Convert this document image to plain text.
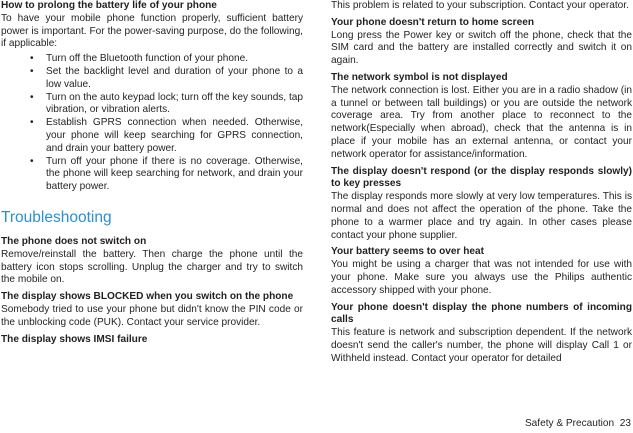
How to prolong the battery life of your phone

To have your mobile phone function properly, sufficient battery power is important. For the power-saving purpose, do the following, if applicable:

• Turn off the Bluetooth function of your phone.
• Set the backlight level and duration of your phone to a low value.
• Turn on the auto keypad lock; turn off the key sounds, tap vibration, or vibration alerts.
• Establish GPRS connection when needed. Otherwise, your phone will keep searching for GPRS connection, and drain your battery power.
• Turn off your phone if there is no coverage. Otherwise, the phone will keep searching for network, and drain your battery power.
Troubleshooting

The phone does not switch on

Remove/reinstall the battery. Then charge the phone until the battery icon stops scrolling. Unplug the charger and try to switch the mobile on.

The display shows BLOCKED when you switch on the phone

Somebody tried to use your phone but didn't know the PIN code or the unblocking code (PUK). Contact your service provider.

The display shows IMSI failure

This problem is related to your subscription. Contact your operator.

Your phone doesn't return to home screen

Long press the Power key or switch off the phone, check that the SIM card and the battery are installed correctly and switch it on again.

The network symbol is not displayed

The network connection is lost. Either you are in a radio shadow (in a tunnel or between tall buildings) or you are outside the network coverage area. Try from another place to reconnect to the network(Especially when abroad), check that the antenna is in place if your mobile has an external antenna, or contact your network operator for assistance/information.

The display doesn't respond (or the display responds slowly) to key presses

The display responds more slowly at very low temperatures. This is normal and does not affect the operation of the phone. Take the phone to a warmer place and try again. In other cases please contact your phone supplier.

Your battery seems to over heat

You might be using a charger that was not intended for use with your phone. Make sure you always use the Philips authentic accessory shipped with your phone.

Your phone doesn't display the phone numbers of incoming calls

This feature is network and subscription dependent. If the network doesn't send the caller's number, the phone will display Call 1 or Withheld instead. Contact your operator for detailed

Safety & Precaution 23
